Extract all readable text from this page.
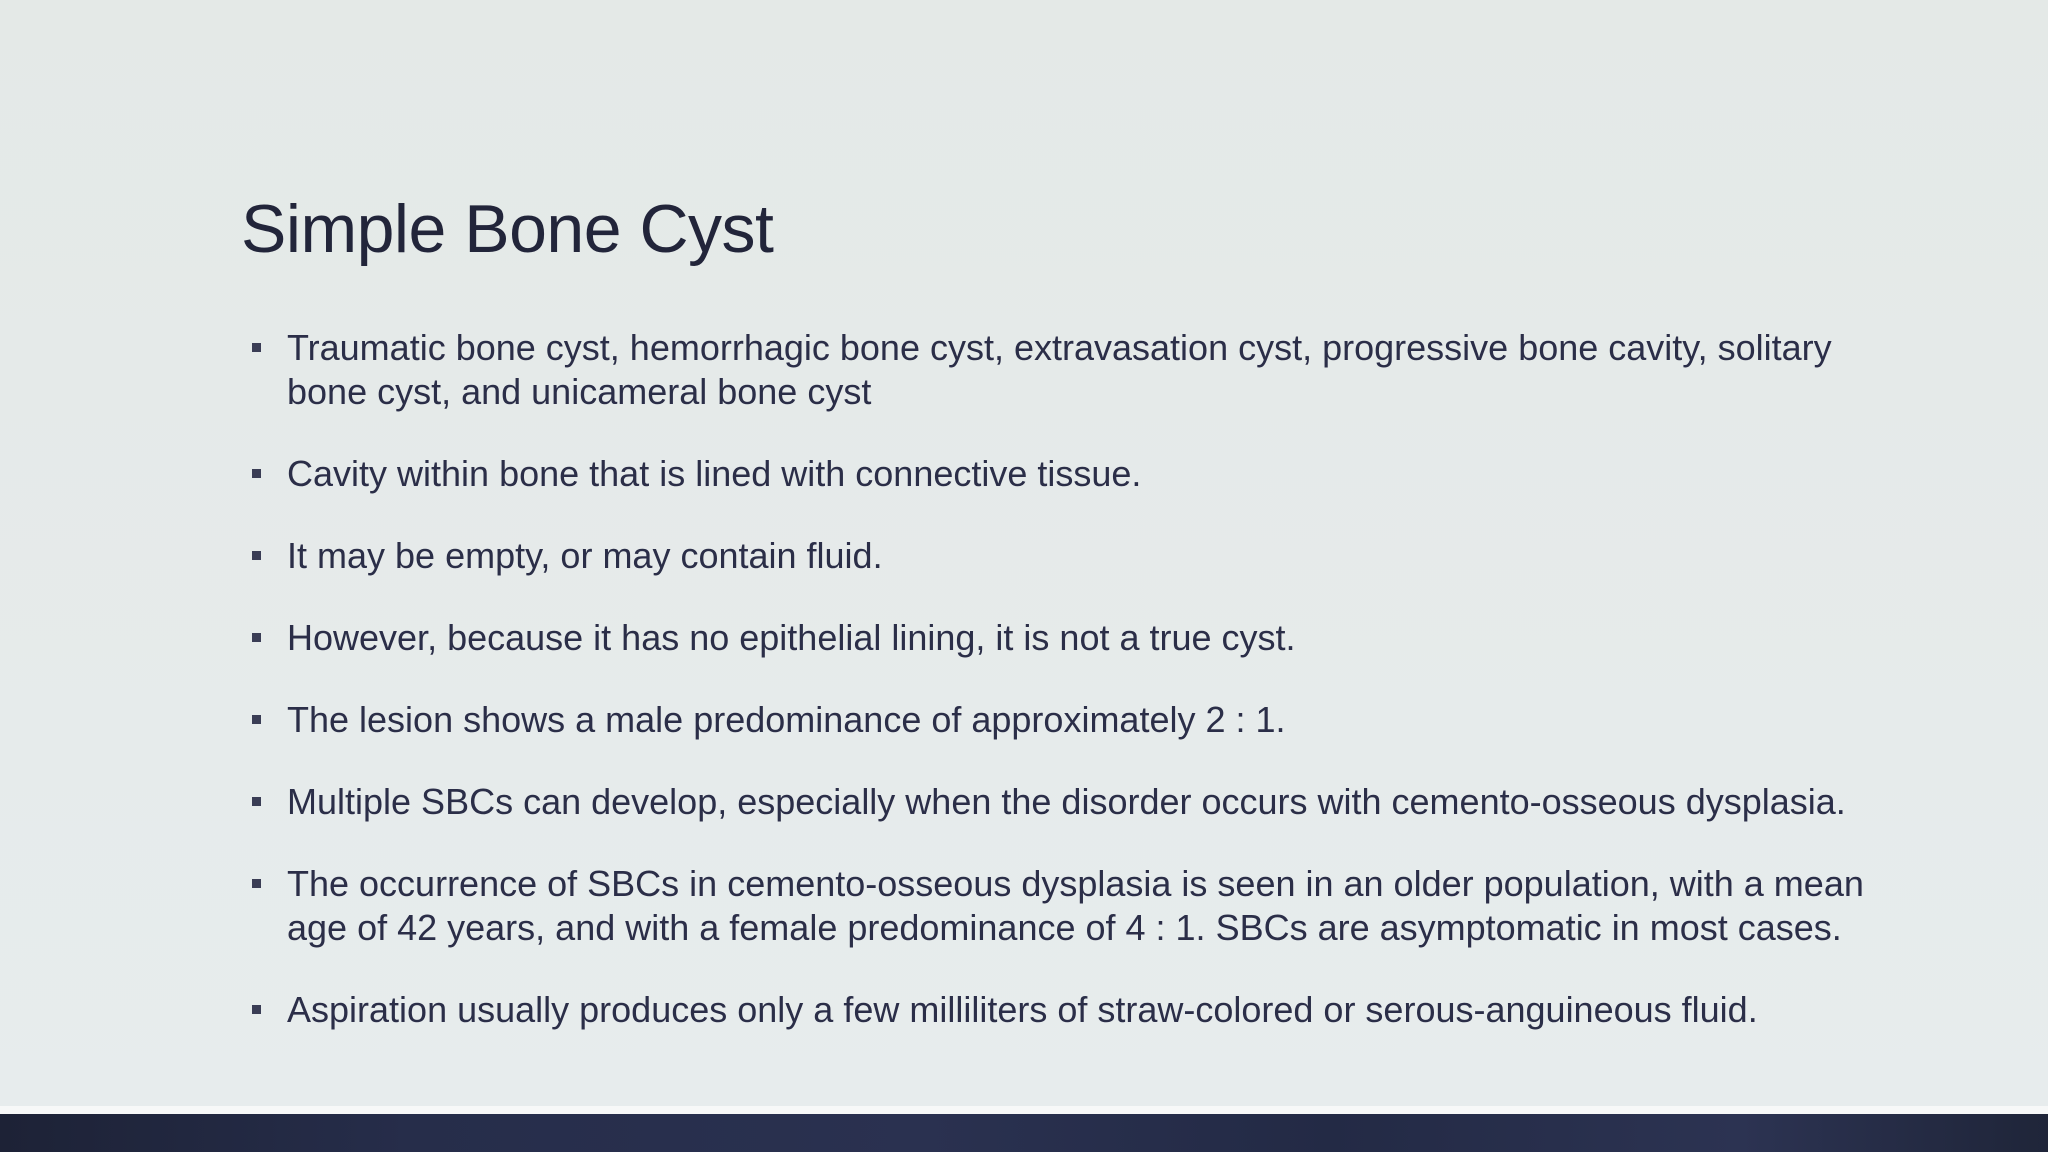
Simple Bone Cyst
Traumatic bone cyst, hemorrhagic bone cyst, extravasation cyst, progressive bone cavity, solitary bone cyst, and unicameral bone cyst
Cavity within bone that is lined with connective tissue.
It may be empty, or may contain fluid.
However, because it has no epithelial lining, it is not a true cyst.
The lesion shows a male predominance of approximately 2 : 1.
Multiple SBCs can develop, especially when the disorder occurs with cemento-osseous dysplasia.
The occurrence of SBCs in cemento-osseous dysplasia is seen in an older population, with a mean age of 42 years, and with a female predominance of 4 : 1. SBCs are asymptomatic in most cases.
Aspiration usually produces only a few milliliters of straw-colored or serous-anguineous fluid.
